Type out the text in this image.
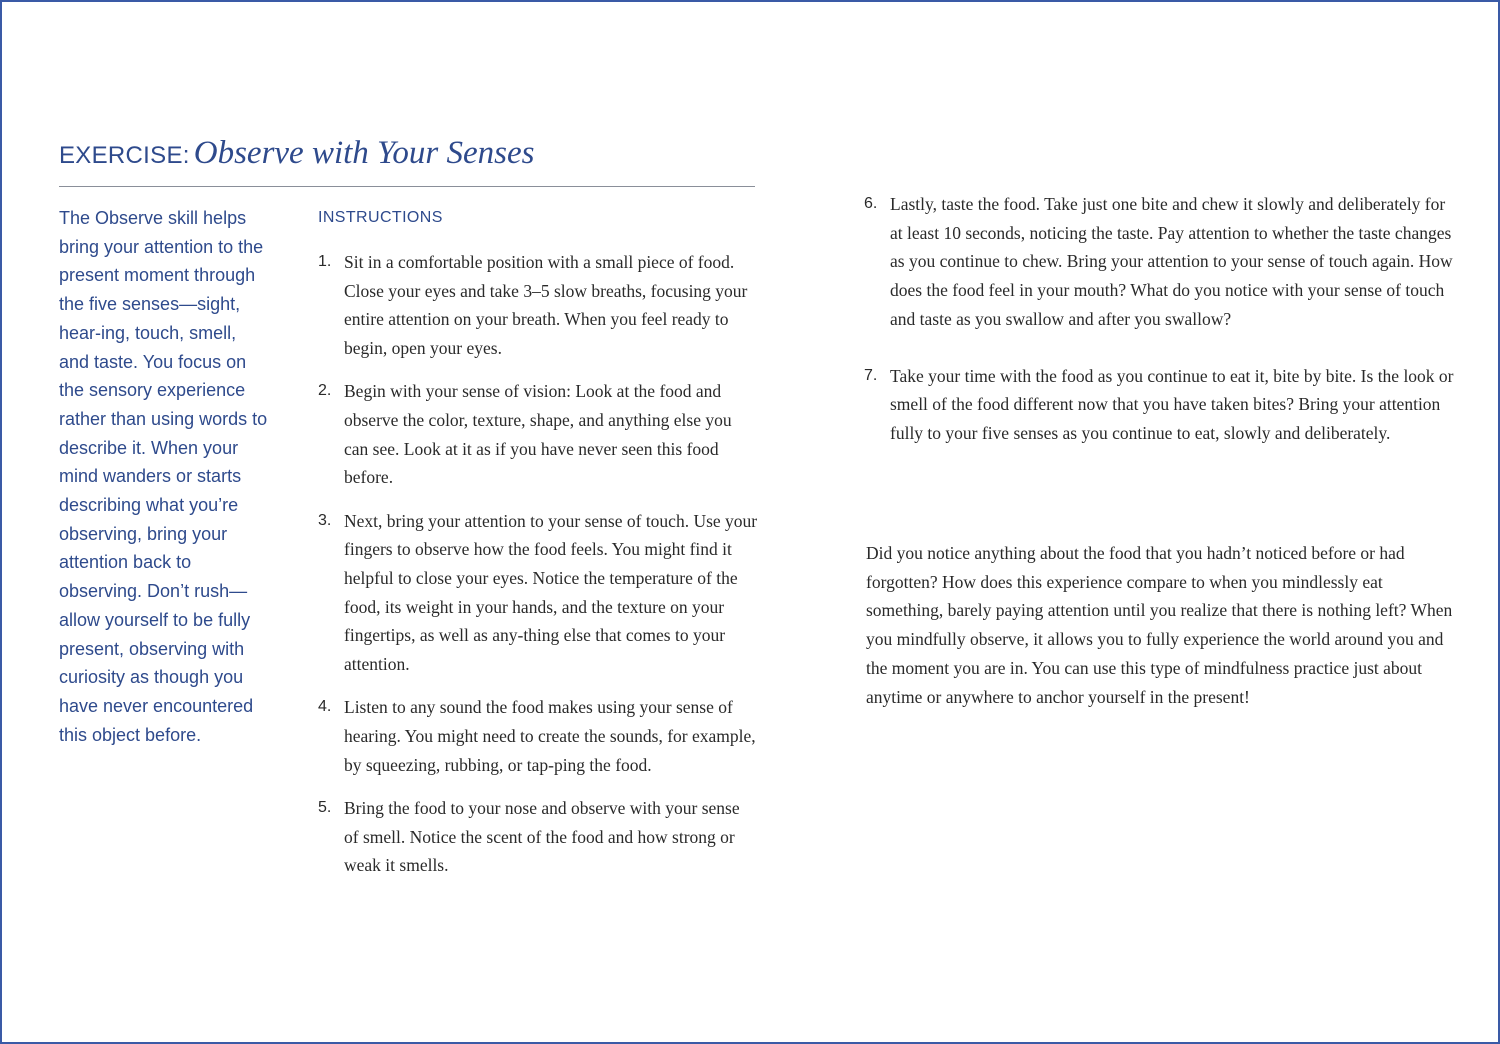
EXERCISE: Observe with Your Senses

The Observe skill helps bring your attention to the present moment through the five senses—sight, hear-ing, touch, smell, and taste. You focus on the sensory experience rather than using words to describe it. When your mind wanders or starts describing what you’re observing, bring your attention back to observing. Don’t rush—allow yourself to be fully present, observing with curiosity as though you have never encountered this object before.

INSTRUCTIONS
1. Sit in a comfortable position with a small piece of food. Close your eyes and take 3–5 slow breaths, focusing your entire attention on your breath. When you feel ready to begin, open your eyes.
2. Begin with your sense of vision: Look at the food and observe the color, texture, shape, and anything else you can see. Look at it as if you have never seen this food before.
3. Next, bring your attention to your sense of touch. Use your fingers to observe how the food feels. You might find it helpful to close your eyes. Notice the temperature of the food, its weight in your hands, and the texture on your fingertips, as well as any-thing else that comes to your attention.
4. Listen to any sound the food makes using your sense of hearing. You might need to create the sounds, for example, by squeezing, rubbing, or tap-ping the food.
5. Bring the food to your nose and observe with your sense of smell. Notice the scent of the food and how strong or weak it smells.
6. Lastly, taste the food. Take just one bite and chew it slowly and deliberately for at least 10 seconds, noticing the taste. Pay attention to whether the taste changes as you continue to chew. Bring your attention to your sense of touch again. How does the food feel in your mouth? What do you notice with your sense of touch and taste as you swallow and after you swallow?
7. Take your time with the food as you continue to eat it, bite by bite. Is the look or smell of the food different now that you have taken bites? Bring your attention fully to your five senses as you continue to eat, slowly and deliberately.

Did you notice anything about the food that you hadn’t noticed before or had forgotten? How does this experience compare to when you mindlessly eat something, barely paying attention until you realize that there is nothing left? When you mindfully observe, it allows you to fully experience the world around you and the moment you are in. You can use this type of mindfulness practice just about anytime or anywhere to anchor yourself in the present!
